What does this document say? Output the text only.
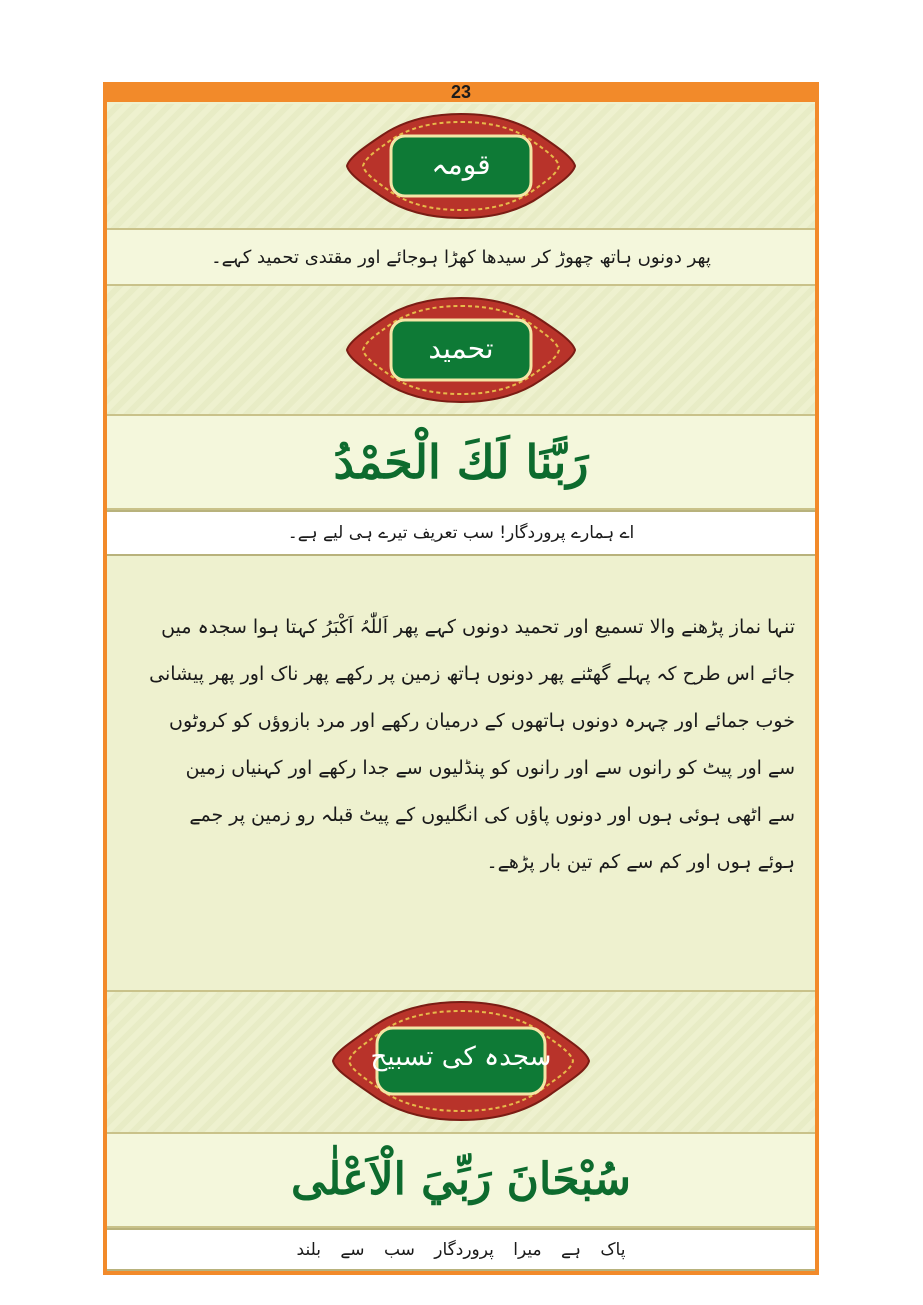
23
قومہ
پھر دونوں ہاتھ چھوڑ کر سیدھا کھڑا ہوجائے اور مقتدی تحمید کہے۔
تحمید
رَبَّنَا لَكَ الْحَمْدُ
اے ہمارے پروردگار! سب تعریف تیرے ہی لیے ہے۔
تنہا نماز پڑھنے والا تسمیع اور تحمید دونوں کہے پھر اَللّٰہُ اَکْبَرُ کہتا ہوا سجدہ میں
جائے اس طرح کہ پہلے گھٹنے پھر دونوں ہاتھ زمین پر رکھے پھر ناک اور پھر پیشانی
خوب جمائے اور چہرہ دونوں ہاتھوں کے درمیان رکھے اور مرد بازوؤں کو کروٹوں
سے اور پیٹ کو رانوں سے اور رانوں کو پنڈلیوں سے جدا رکھے اور کہنیاں زمین
سے اٹھی ہوئی ہوں اور دونوں پاؤں کی انگلیوں کے پیٹ قبلہ رو زمین پر جمے
ہوئے ہوں اور کم سے کم تین بار پڑھے۔
سجدہ کی تسبیح
سُبْحَانَ رَبِّيَ الْاَعْلٰى
پاک ہے میرا پروردگار سب سے بلند
